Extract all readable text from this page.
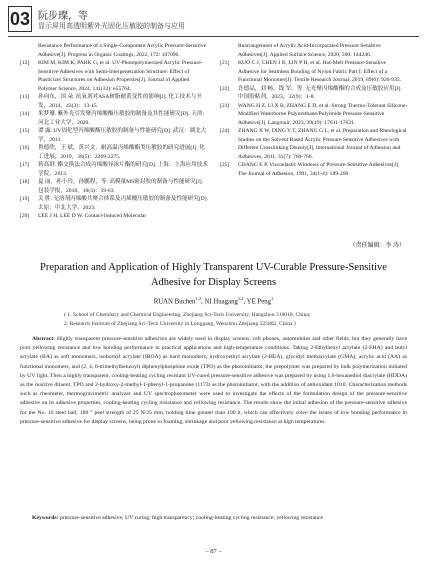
03 阮步璨，等
显示屏用高透明紫外光固化压敏胶的制备与应用

Resistance Performance of a Single-Component Acrylic Pressure-Sensitive Adhesive[J]. Progress in Organic Coatings, 2022, 172: 107096.

[12] KIM M, KIM K, PARK G, et al. UV-Photopolymerized Acrylic Pressure-Sensitive Adhesives with Semi-Interpenetration Structure: Effect of Plasticizer Structures on Adhesion Properties[J]. Journal of Applied Polymer Science, 2024, 141(32): e55764.

[13] 孙向东，国 朵. 抗氧剂对ASA树脂耐黄变性的影响[J]. 化工技术与开发，2014，43(3)：13-15.

[14] 朱梦珊. 紫外光引发聚丙烯酸酯压敏胶的制备及其性能研究[D]. 天津：河北工业大学，2020.

[15] 谭 露. UV固化型丙烯酸酯压敏胶的制备与性能研究[D]. 武汉：湖北大学，2013.

[16] 鲁德欣，王 斌，黄兴文．耐高温丙烯酸酯类压敏胶的研究进展[J]. 化工进展，2019，38(5)：2269-2275.

[17] 蒋高群. 酯交换法合成丙烯酸异冰片酯的研究[D]. 上海：上海应用技术学院，2013.

[18] 夏 丽，孙小玲，孙鹏程，等. 高模量MS密封胶的制备与性能研究[J]. 包装学报，2018，10(3)：59-63.

[19] 关 胜. 无溶剂丙烯酸共聚合体系及丙烯酸压敏胶的制备及性能研究[D]. 太原：中北大学，2023.

[20] LEE J H, LEE D W. Contact-Induced Molecular

Rearrangement of Acrylic Acid-Incorporated Pressure Sensitive Adhesives[J]. Applied Surface Science, 2020, 500: 144246.

[21] KUO C J, CHEN J B, LIN P H, et al. Hot-Melt Pressure-Sensitive Adhesive for Seamless Bonding of Nylon Fabric Part I: Effect of a Functional Monomer[J]. Textile Research Journal, 2019, 89(6): 926-935.

[22] 许德品，刘 畅，钱 军，等. 无光聚丙烯酸酯的合成及压敏胶应用[J]. 中国胶粘剂，2023，32(9)：1-8.

[23] WANG H Z, LI X B, ZHANG E D, et al. Strong Thermo-Tolerant Silicone-Modified Waterborne Polyurethane/Polyimide Pressure-Sensitive Adhesive[J]. Langmuir, 2023, 39(49): 17611-17621.

[24] ZHANG X W, DING Y T, ZHANG G L, et al. Preparation and Rheological Studies on the Solvent Based Acrylic Pressure Sensitive Adhesives with Different Crosslinking Density[J]. International Journal of Adhesion and Adhesives, 2011, 31(7): 760-766.

[25] CHANG E P. Viscoelastic Windows of Pressure-Sensitive Adhesives[J]. The Journal of Adhesion, 1991, 34(1-4): 189-200.

（责任编辑：李 涛）
Preparation and Application of Highly Transparent UV-Curable Pressure-Sensitive Adhesive for Display Screens
RUAN Buchen$^{1,2}$, NI Huagang$^{1,2}$, YE Peng$^1$

( 1. School of Chemistry and Chemical Engineering, Zhejiang Sci-Tech University, Hangzhou 310018, China;

2. Research Institute of Zhejiang Sci-Tech University in Longgang, Wenzhou Zhejiang 325802, China )

Abstract: Highly transparent pressure-sensitive adhesives are widely used in display screens, cell phones, automobiles and other fields, but they generally have poor yellowing resistance and low bonding performance in practical applications and high-temperature conditions. Taking 2-Ethylhexyl acrylate (2-EHA) and butyl acrylate (BA) as soft monomers, isobornyl acrylate (IBOA) as hard monomers, hydroxyethyl acrylate (2-HEA), glycidyl methacrylate (GMA), acrylic acid (AA) as functional monomers, and (2, 4, 6-trimethylbenzoyl) diphenylphosphine oxide (TPO) as the photoinitiator, the prepolymer was prepared by bulk polymerization initiated by UV light. Then a highly transparent, cooling-heating cycling resistant UV-cured pressure-sensitive adhesive was prepared by using 1,6-hexanediol diacrylate (HDDA) as the reactive diluent, TPO and 2-hydroxy-2-methyl-1-phenyl-1-propanone (1173) as the photoinitiator, with the addition of antioxidant 1010. Characterization methods such as rheometer, thermogravimetric analyzer and UV spectrophotometer were used to investigate the effects of the formulation design of the pressure-sensitive adhesive on its adhesive properties, cooling-heating cycling resistance and yellowing resistance. The results show the initial adhesion of the pressure-sensitive adhesive for the No. 10 steel ball, 180 ° peel strength of 25 N/25 mm, holding time greater than 100 h, which can effectively solve the issues of low bonding performance in pressure-sensitive adhesive for display screens, being prone to foaming, shrinkage and poor yellowing resistance at high temperatures.

Keywords: pressure-sensitive adhesive; UV curing; high transparency; cooling-heating cycling resistance; yellowing resistance

– 87 –
